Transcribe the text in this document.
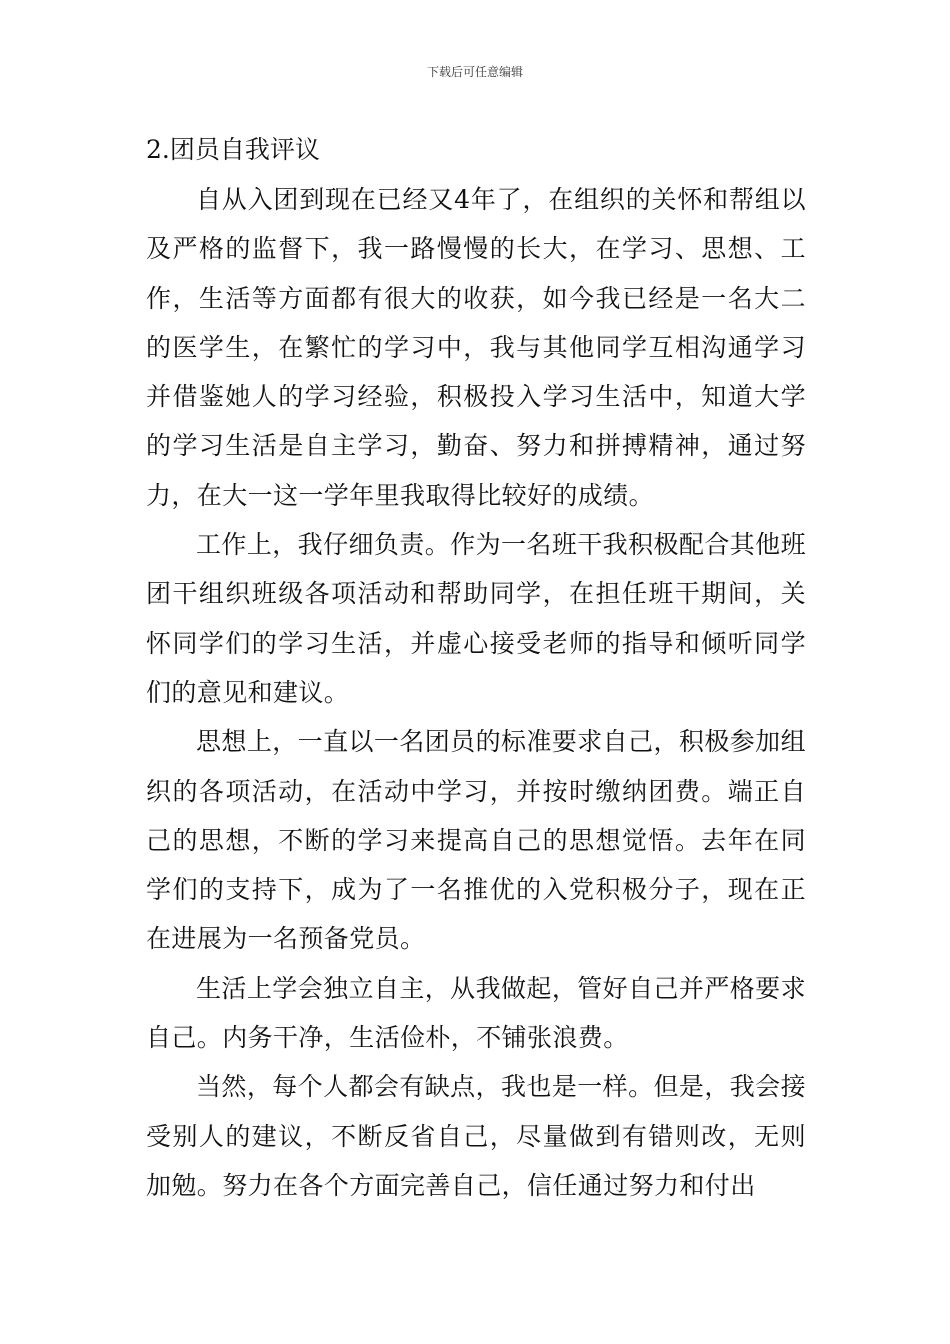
下载后可任意编辑

2.团员自我评议

自从入团到现在已经又4年了，在组织的关怀和帮组以及严格的监督下，我一路慢慢的长大，在学习、思想、工作，生活等方面都有很大的收获，如今我已经是一名大二的医学生，在繁忙的学习中，我与其他同学互相沟通学习并借鉴她人的学习经验，积极投入学习生活中，知道大学的学习生活是自主学习，勤奋、努力和拼搏精神，通过努力，在大一这一学年里我取得比较好的成绩。

工作上，我仔细负责。作为一名班干我积极配合其他班团干组织班级各项活动和帮助同学，在担任班干期间，关怀同学们的学习生活，并虚心接受老师的指导和倾听同学们的意见和建议。

思想上，一直以一名团员的标准要求自己，积极参加组织的各项活动，在活动中学习，并按时缴纳团费。端正自己的思想，不断的学习来提高自己的思想觉悟。去年在同学们的支持下，成为了一名推优的入党积极分子，现在正在进展为一名预备党员。

生活上学会独立自主，从我做起，管好自己并严格要求自己。内务干净，生活俭朴，不铺张浪费。

当然，每个人都会有缺点，我也是一样。但是，我会接受别人的建议，不断反省自己，尽量做到有错则改，无则加勉。努力在各个方面完善自己，信任通过努力和付出
